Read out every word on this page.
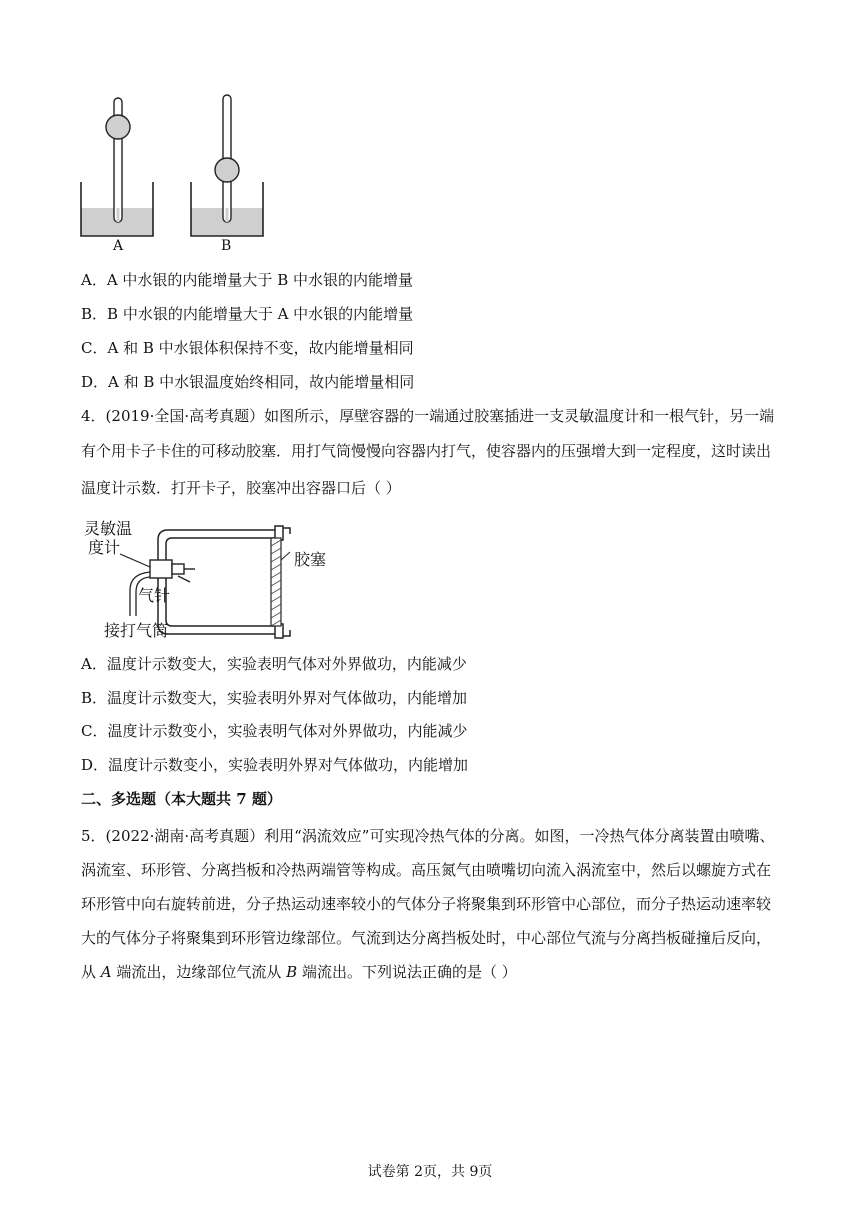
A	B
A．A 中水银的内能增量大于 B 中水银的内能增量
B．B 中水银的内能增量大于 A 中水银的内能增量
C．A 和 B 中水银体积保持不变，故内能增量相同
D．A 和 B 中水银温度始终相同，故内能增量相同
4．(2019·全国·高考真题）如图所示，厚壁容器的一端通过胶塞插进一支灵敏温度计和一根气针，另一端
有个用卡子卡住的可移动胶塞．用打气筒慢慢向容器内打气，使容器内的压强增大到一定程度，这时读出
温度计示数．打开卡子，胶塞冲出容器口后（ ）
灵敏温
度计
胶塞
气针
接打气筒
A．温度计示数变大，实验表明气体对外界做功，内能减少
B．温度计示数变大，实验表明外界对气体做功，内能增加
C．温度计示数变小，实验表明气体对外界做功，内能减少
D．温度计示数变小，实验表明外界对气体做功，内能增加
二、多选题（本大题共 7 题）
5．(2022·湖南·高考真题）利用“涡流效应”可实现冷热气体的分离。如图，一冷热气体分离装置由喷嘴、
涡流室、环形管、分离挡板和冷热两端管等构成。高压氮气由喷嘴切向流入涡流室中，然后以螺旋方式在
环形管中向右旋转前进，分子热运动速率较小的气体分子将聚集到环形管中心部位，而分子热运动速率较
大的气体分子将聚集到环形管边缘部位。气流到达分离挡板处时，中心部位气流与分离挡板碰撞后反向，
从 A 端流出，边缘部位气流从 B 端流出。下列说法正确的是（ ）
试卷第 2页，共 9页
